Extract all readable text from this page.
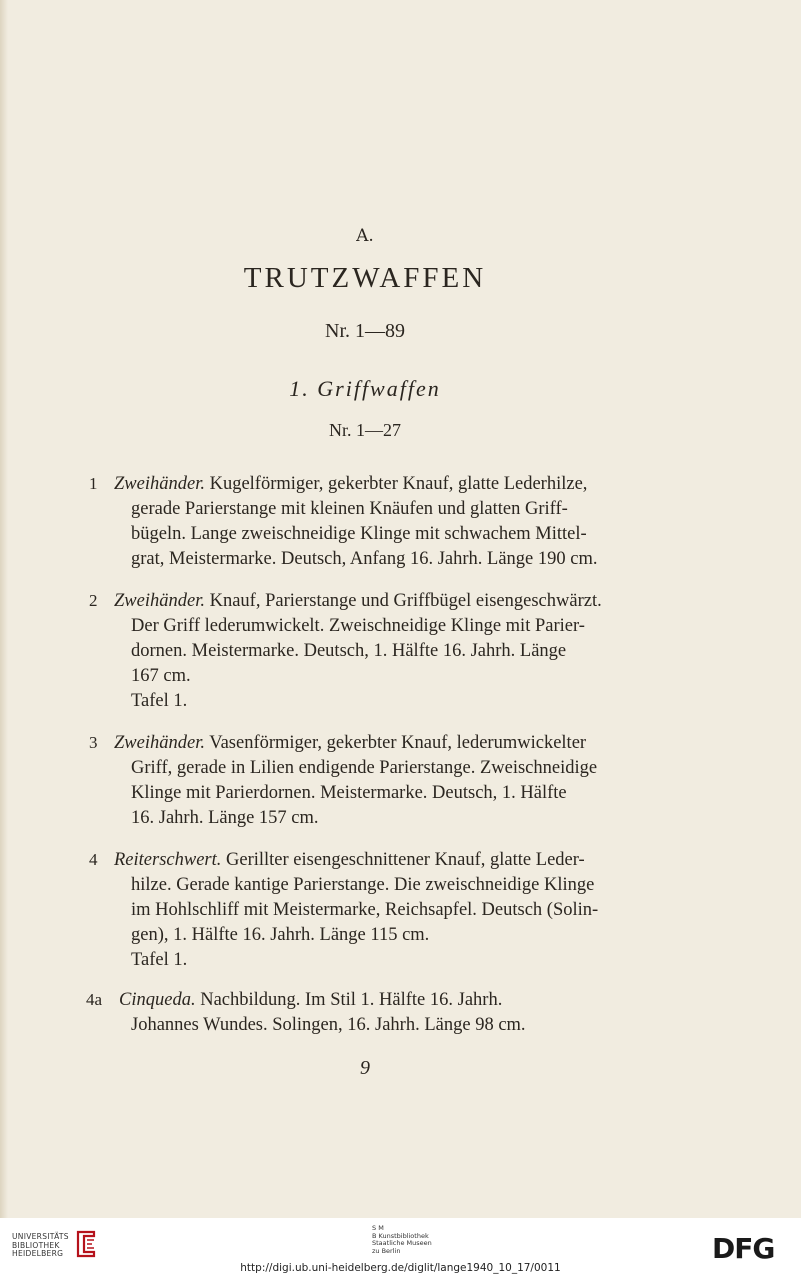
A.
TRUTZWAFFEN
Nr. 1—89
1. Griffwaffen
Nr. 1—27
1 Zweihänder. Kugelförmiger, gekerbter Knauf, glatte Lederhilze,
gerade Parierstange mit kleinen Knäufen und glatten Griff-
bügeln. Lange zweischneidige Klinge mit schwachem Mittel-
grat, Meistermarke. Deutsch, Anfang 16. Jahrh. Länge 190 cm.
2 Zweihänder. Knauf, Parierstange und Griffbügel eisengeschwärzt.
Der Griff lederumwickelt. Zweischneidige Klinge mit Parier-
dornen. Meistermarke. Deutsch, 1. Hälfte 16. Jahrh. Länge
167 cm.
Tafel 1.
3 Zweihänder. Vasenförmiger, gekerbter Knauf, lederumwickelter
Griff, gerade in Lilien endigende Parierstange. Zweischneidige
Klinge mit Parierdornen. Meistermarke. Deutsch, 1. Hälfte
16. Jahrh. Länge 157 cm.
4 Reiterschwert. Gerillter eisengeschnittener Knauf, glatte Leder-
hilze. Gerade kantige Parierstange. Die zweischneidige Klinge
im Hohlschliff mit Meistermarke, Reichsapfel. Deutsch (Solin-
gen), 1. Hälfte 16. Jahrh. Länge 115 cm.
Tafel 1.
4a Cinqueda. Nachbildung. Im Stil 1. Hälfte 16. Jahrh.
Johannes Wundes. Solingen, 16. Jahrh. Länge 98 cm.
9
UNIVERSITÄTS
BIBLIOTHEK
HEIDELBERG
S M
B Kunstbibliothek
Staatliche Museen
zu Berlin	DFG
http://digi.ub.uni-heidelberg.de/diglit/lange1940_10_17/0011
